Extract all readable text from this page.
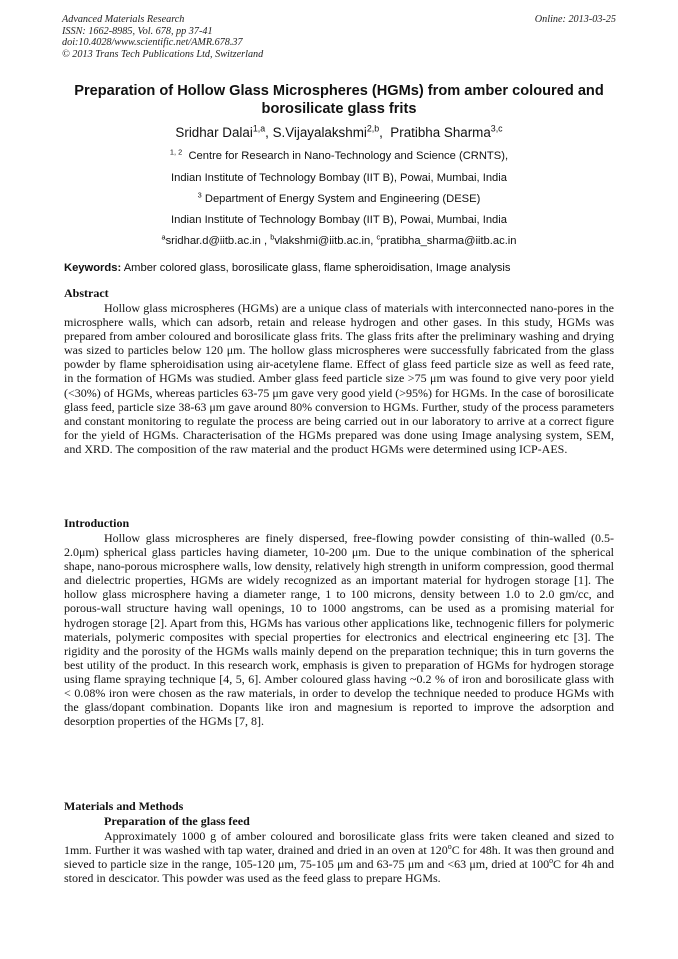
Advanced Materials Research
ISSN: 1662-8985, Vol. 678, pp 37-41
doi:10.4028/www.scientific.net/AMR.678.37
© 2013 Trans Tech Publications Ltd, Switzerland
Online: 2013-03-25
Preparation of Hollow Glass Microspheres (HGMs) from amber coloured and borosilicate glass frits
Sridhar Dalai$^{1,a}$, S.Vijayalakshmi$^{2,b}$,  Pratibha Sharma$^{3,c}$
$^{1, 2}$ Centre for Research in Nano-Technology and Science (CRNTS),
Indian Institute of Technology Bombay (IIT B), Powai, Mumbai, India
$^3$ Department of Energy System and Engineering (DESE)
Indian Institute of Technology Bombay (IIT B), Powai, Mumbai, India
$^a$sridhar.d@iitb.ac.in , $^b$vlakshmi@iitb.ac.in, $^c$pratibha_sharma@iitb.ac.in
Keywords: Amber colored glass, borosilicate glass, flame spheroidisation, Image analysis
Abstract
Hollow glass microspheres (HGMs) are a unique class of materials with interconnected nano-pores in the microsphere walls, which can adsorb, retain and release hydrogen and other gases. In this study, HGMs was prepared from amber coloured and borosilicate glass frits. The glass frits after the preliminary washing and drying was sized to particles below 120 μm. The hollow glass microspheres were successfully fabricated from the glass powder by flame spheroidisation using air-acetylene flame. Effect of glass feed particle size as well as feed rate, in the formation of HGMs was studied. Amber glass feed particle size >75 μm was found to give very poor yield (<30%) of HGMs, whereas particles 63-75 μm gave very good yield (>95%) for HGMs. In the case of borosilicate glass feed, particle size 38-63 μm gave around 80% conversion to HGMs. Further, study of the process parameters and constant monitoring to regulate the process are being carried out in our laboratory to arrive at a correct figure for the yield of HGMs. Characterisation of the HGMs prepared was done using Image analysing system, SEM, and XRD. The composition of the raw material and the product HGMs were determined using ICP-AES.
Introduction
Hollow glass microspheres are finely dispersed, free-flowing powder consisting of thin-walled (0.5-2.0μm) spherical glass particles having diameter, 10-200 μm. Due to the unique combination of the spherical shape, nano-porous microsphere walls, low density, relatively high strength in uniform compression, good thermal and dielectric properties, HGMs are widely recognized as an important material for hydrogen storage [1]. The hollow glass microsphere having a diameter range, 1 to 100 microns, density between 1.0 to 2.0 gm/cc, and porous-wall structure having wall openings, 10 to 1000 angstroms, can be used as a promising material for hydrogen storage [2]. Apart from this, HGMs has various other applications like, technogenic fillers for polymeric materials, polymeric composites with special properties for electronics and electrical engineering etc [3]. The rigidity and the porosity of the HGMs walls mainly depend on the preparation technique; this in turn governs the best utility of the product. In this research work, emphasis is given to preparation of HGMs for hydrogen storage using flame spraying technique [4, 5, 6]. Amber coloured glass having ~0.2 % of iron and borosilicate glass with < 0.08% iron were chosen as the raw materials, in order to develop the technique needed to produce HGMs with the glass/dopant combination. Dopants like iron and magnesium is reported to improve the adsorption and desorption properties of the HGMs [7, 8].
Materials and Methods
Preparation of the glass feed
Approximately 1000 g of amber coloured and borosilicate glass frits were taken cleaned and sized to 1mm. Further it was washed with tap water, drained and dried in an oven at 120$^o$C for 48h. It was then ground and sieved to particle size in the range, 105-120 μm, 75-105 μm and 63-75 μm and <63 μm, dried at 100$^o$C for 4h and stored in descicator. This powder was used as the feed glass to prepare HGMs.
